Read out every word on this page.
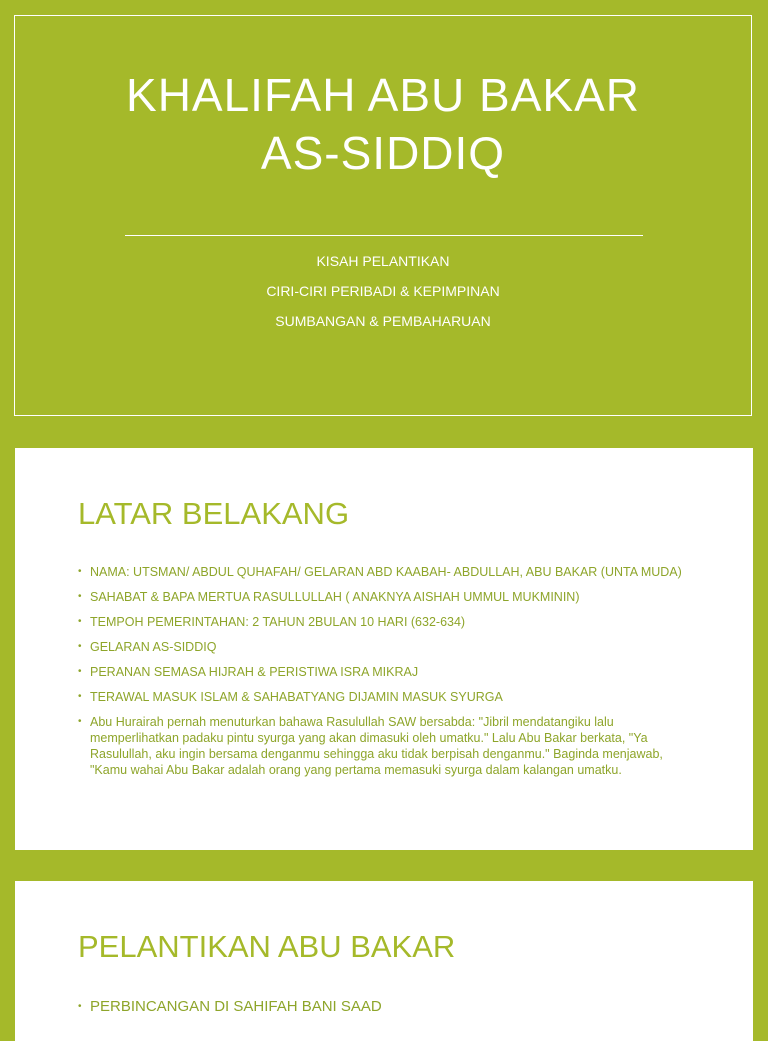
KHALIFAH ABU BAKAR
AS-SIDDIQ

KISAH PELANTIKAN

CIRI-CIRI PERIBADI & KEPIMPINAN

SUMBANGAN & PEMBAHARUAN

LATAR BELAKANG
• NAMA: UTSMAN/ ABDUL QUHAFAH/ GELARAN ABD KAABAH- ABDULLAH, ABU BAKAR (UNTA MUDA)
• SAHABAT & BAPA MERTUA RASULLULLAH ( ANAKNYA AISHAH UMMUL MUKMININ)
• TEMPOH PEMERINTAHAN: 2 TAHUN 2BULAN 10 HARI (632-634)
• GELARAN AS-SIDDIQ
• PERANAN SEMASA HIJRAH & PERISTIWA ISRA MIKRAJ
• TERAWAL MASUK ISLAM & SAHABATYANG DIJAMIN MASUK SYURGA
• Abu Hurairah pernah menuturkan bahawa Rasulullah SAW bersabda: "Jibril mendatangiku lalu memperlihatkan padaku pintu syurga yang akan dimasuki oleh umatku." Lalu Abu Bakar berkata, "Ya Rasulullah, aku ingin bersama denganmu sehingga aku tidak berpisah denganmu." Baginda menjawab, "Kamu wahai Abu Bakar adalah orang yang pertama memasuki syurga dalam kalangan umatku.
PELANTIKAN ABU BAKAR
• PERBINCANGAN DI SAHIFAH BANI SAAD
